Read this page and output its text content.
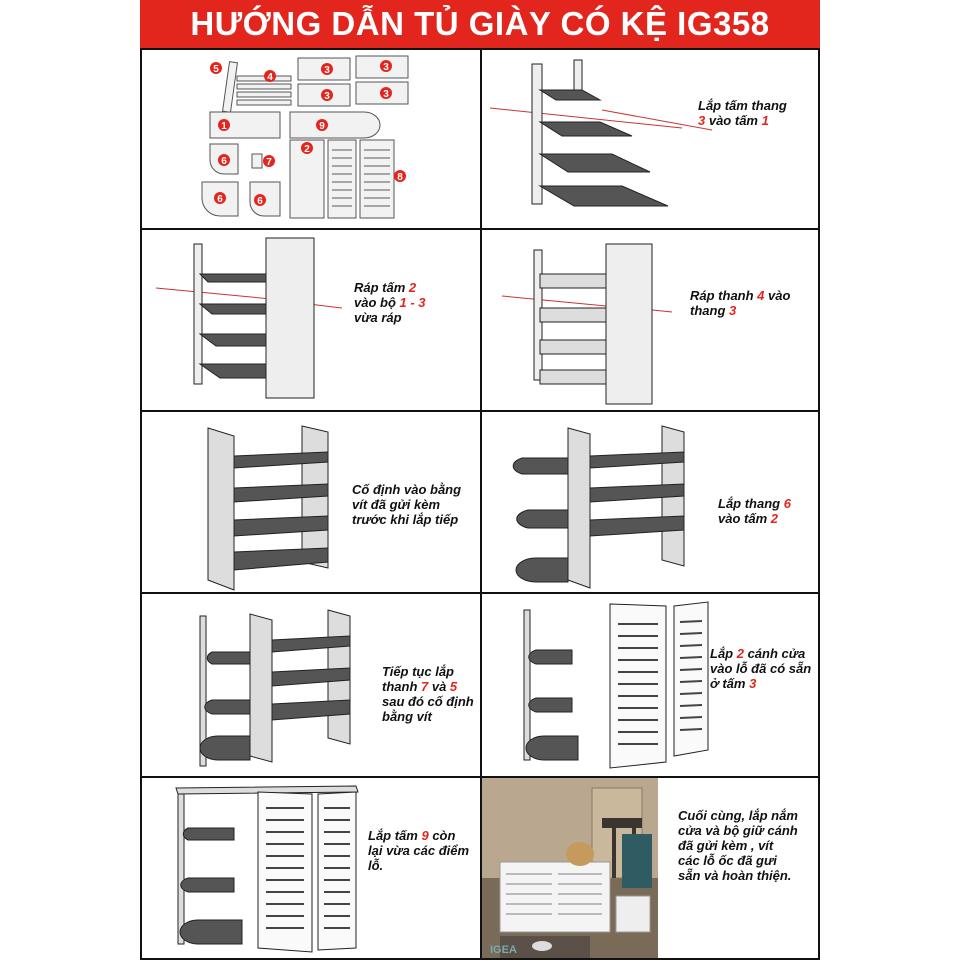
HƯỚNG DẪN TỦ GIÀY CÓ KỆ IG358
5
4
3	3
3	3
1	9
6	7
6	6
2
8
Lắp tấm thang
3 vào tấm 1
Ráp tấm 2
vào bộ 1 - 3
vừa ráp
Ráp thanh 4 vào
thang 3
Cố định vào bằng
vít đã gửi kèm
trước khi lắp tiếp
Lắp thang 6
vào tấm 2
Tiếp tục lắp
thanh 7 và 5
sau đó cố định
bằng vít
Lắp 2 cánh cửa
vào lỗ đã có sẵn
ở tấm 3
Lắp tấm 9 còn
lại vừa các điểm
lỗ.
IGEA
Cuối cùng, lắp nắm
cửa và bộ giữ cánh
đã gửi kèm , vít
các lỗ ốc đã gưi
sẵn và hoàn thiện.
